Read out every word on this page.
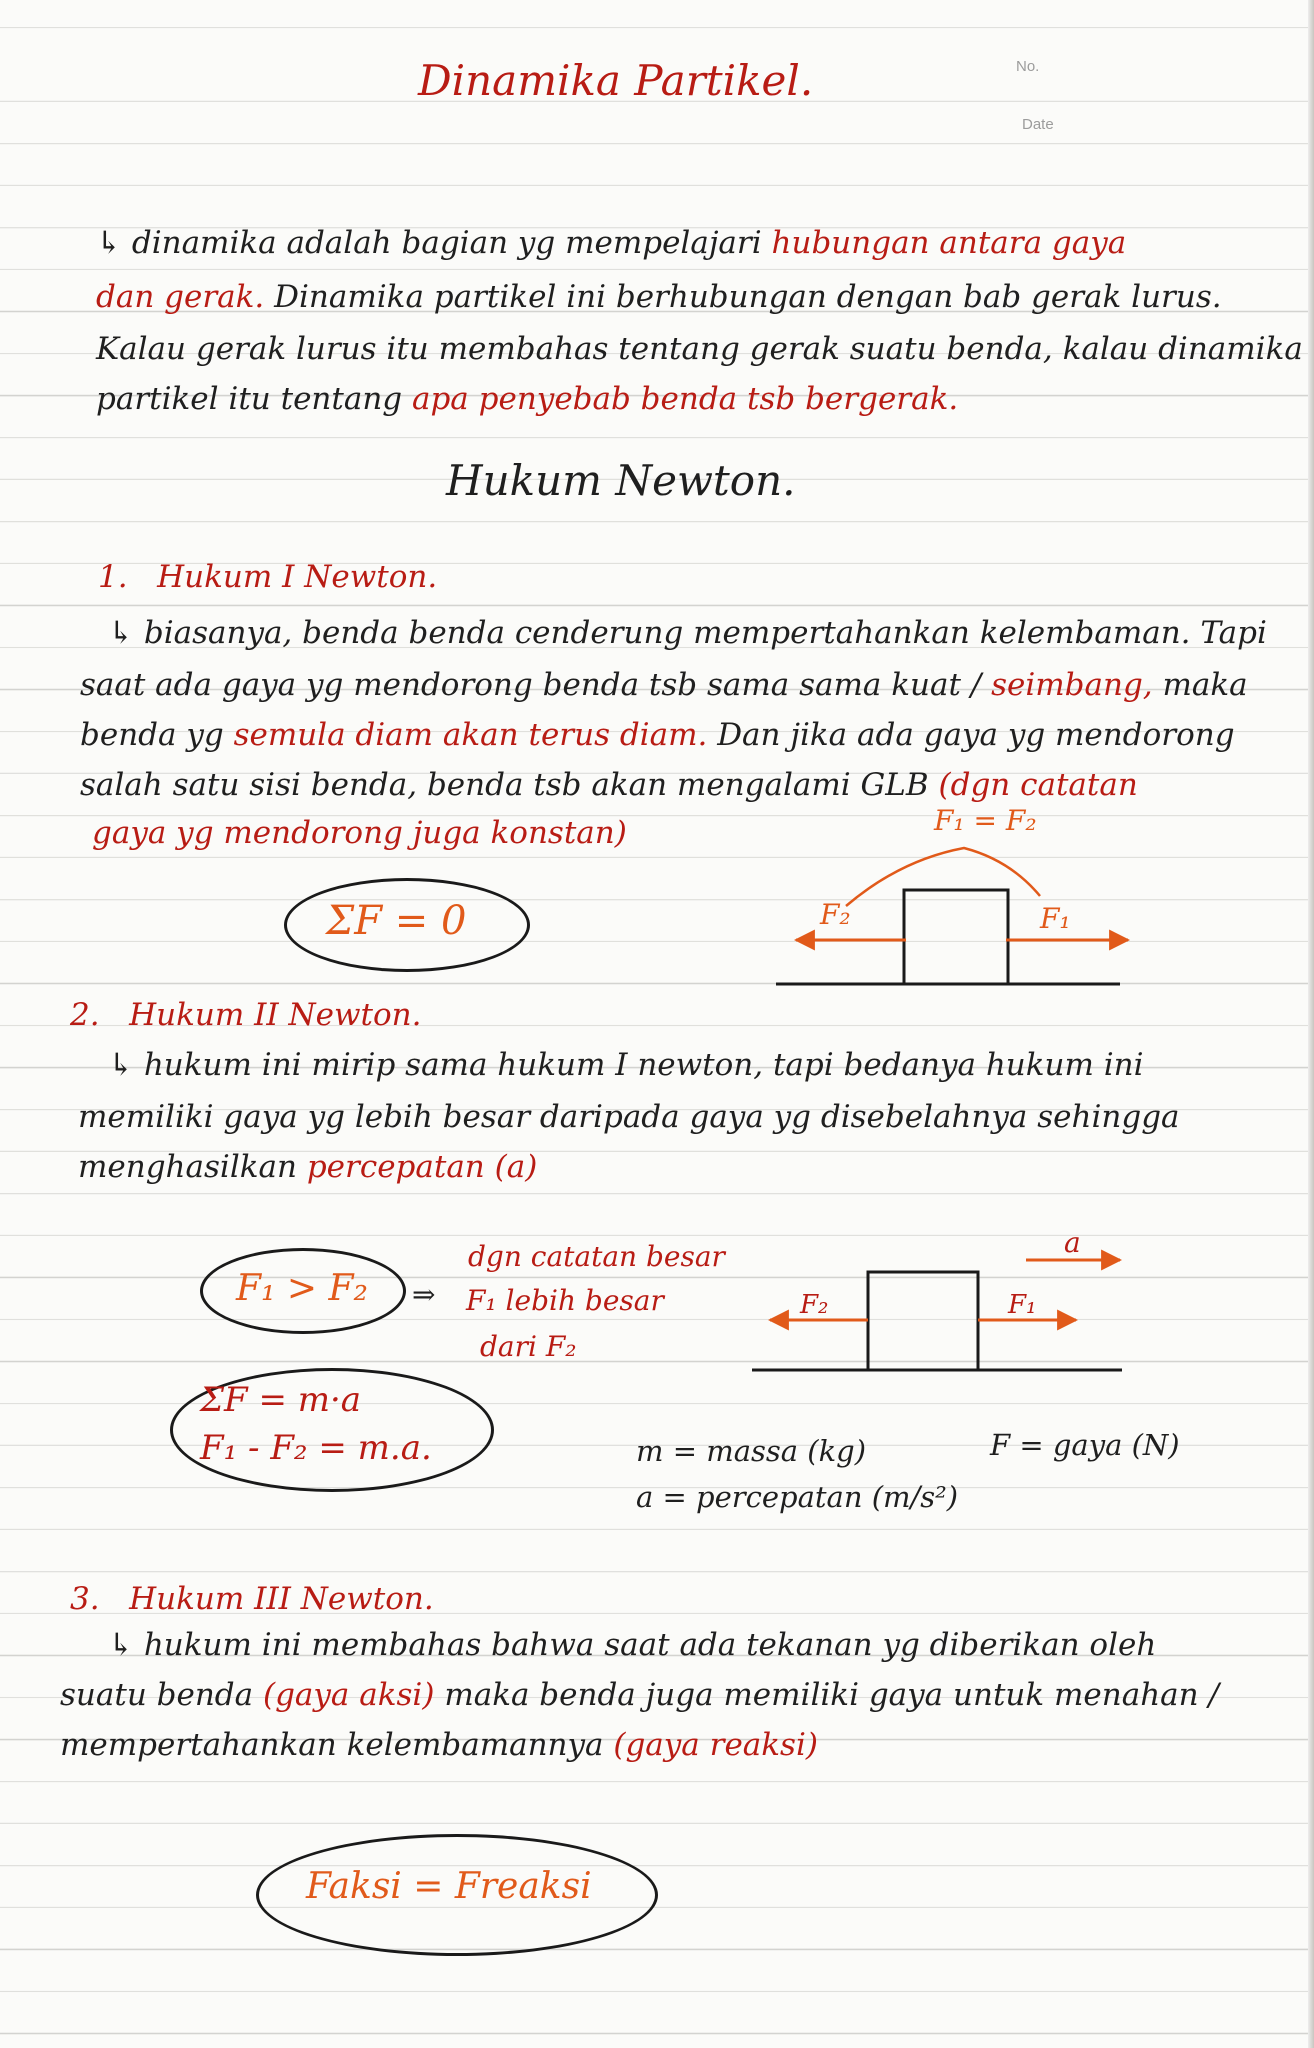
Dinamika Partikel.	No.
Date
↳ dinamika adalah bagian yg mempelajari hubungan antara gaya
dan gerak. Dinamika partikel ini berhubungan dengan bab gerak lurus.
Kalau gerak lurus itu membahas tentang gerak suatu benda, kalau dinamika
partikel itu tentang apa penyebab benda tsb bergerak.
Hukum Newton.
1. Hukum I Newton.
↳ biasanya, benda benda cenderung mempertahankan kelembaman. Tapi
saat ada gaya yg mendorong benda tsb sama sama kuat / seimbang, maka
benda yg semula diam akan terus diam. Dan jika ada gaya yg mendorong
salah satu sisi benda, benda tsb akan mengalami GLB (dgn catatan
gaya yg mendorong juga konstan)
ΣF = 0
F₁ = F₂
F₂	F₁
2. Hukum II Newton.
↳ hukum ini mirip sama hukum I newton, tapi bedanya hukum ini
memiliki gaya yg lebih besar daripada gaya yg disebelahnya sehingga
menghasilkan percepatan (a)
F₁ > F₂ ⇒
dgn catatan besar
F₁ lebih besar
dari F₂
ΣF = m·a
F₁ - F₂ = m.a.
a
F₂	F₁
m = massa (kg)	F = gaya (N)
a = percepatan (m/s²)
3. Hukum III Newton.
↳ hukum ini membahas bahwa saat ada tekanan yg diberikan oleh
suatu benda (gaya aksi) maka benda juga memiliki gaya untuk menahan /
mempertahankan kelembamannya (gaya reaksi)
Faksi = Freaksi
